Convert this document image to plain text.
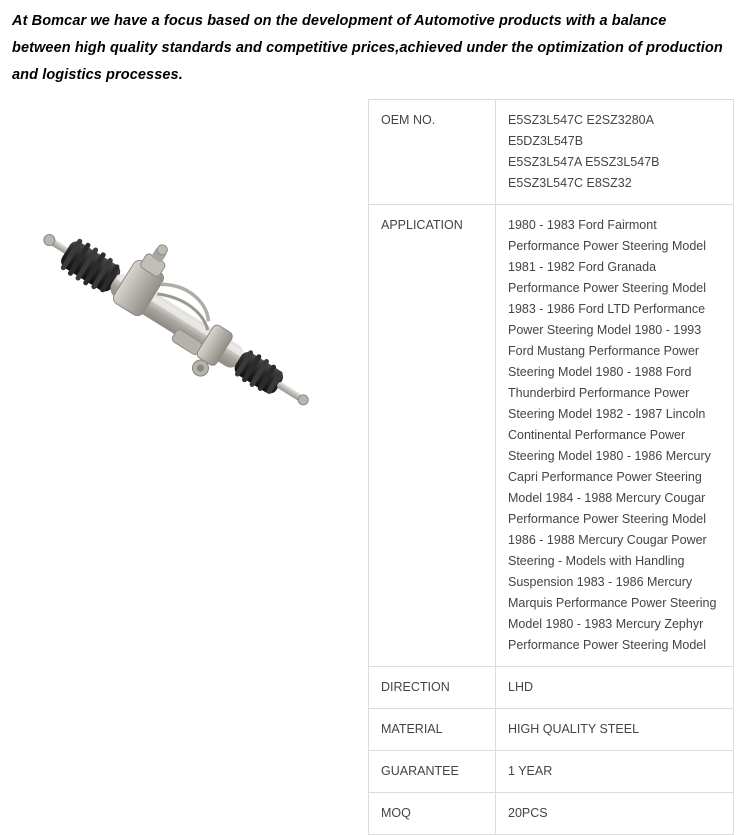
At Bomcar we have a focus based on the development of Automotive products with a balance between high quality standards and competitive prices,achieved under the optimization of production and logistics processes.
OEM NO.	E5SZ3L547C E2SZ3280A E5DZ3L547B
E5SZ3L547A E5SZ3L547B
E5SZ3L547C E8SZ32

APPLICATION	1980 - 1983 Ford Fairmont Performance Power Steering Model 1981 - 1982 Ford Granada Performance Power Steering Model 1983 - 1986 Ford LTD Performance Power Steering Model 1980 - 1993 Ford Mustang Performance Power Steering Model 1980 - 1988 Ford Thunderbird Performance Power Steering Model 1982 - 1987 Lincoln Continental Performance Power Steering Model 1980 - 1986 Mercury Capri Performance Power Steering Model 1984 - 1988 Mercury Cougar Performance Power Steering Model 1986 - 1988 Mercury Cougar Power Steering - Models with Handling Suspension 1983 - 1986 Mercury Marquis Performance Power Steering Model 1980 - 1983 Mercury Zephyr Performance Power Steering Model

DIRECTION	LHD
MATERIAL	HIGH QUALITY STEEL
GUARANTEE	1 YEAR
MOQ	20PCS
